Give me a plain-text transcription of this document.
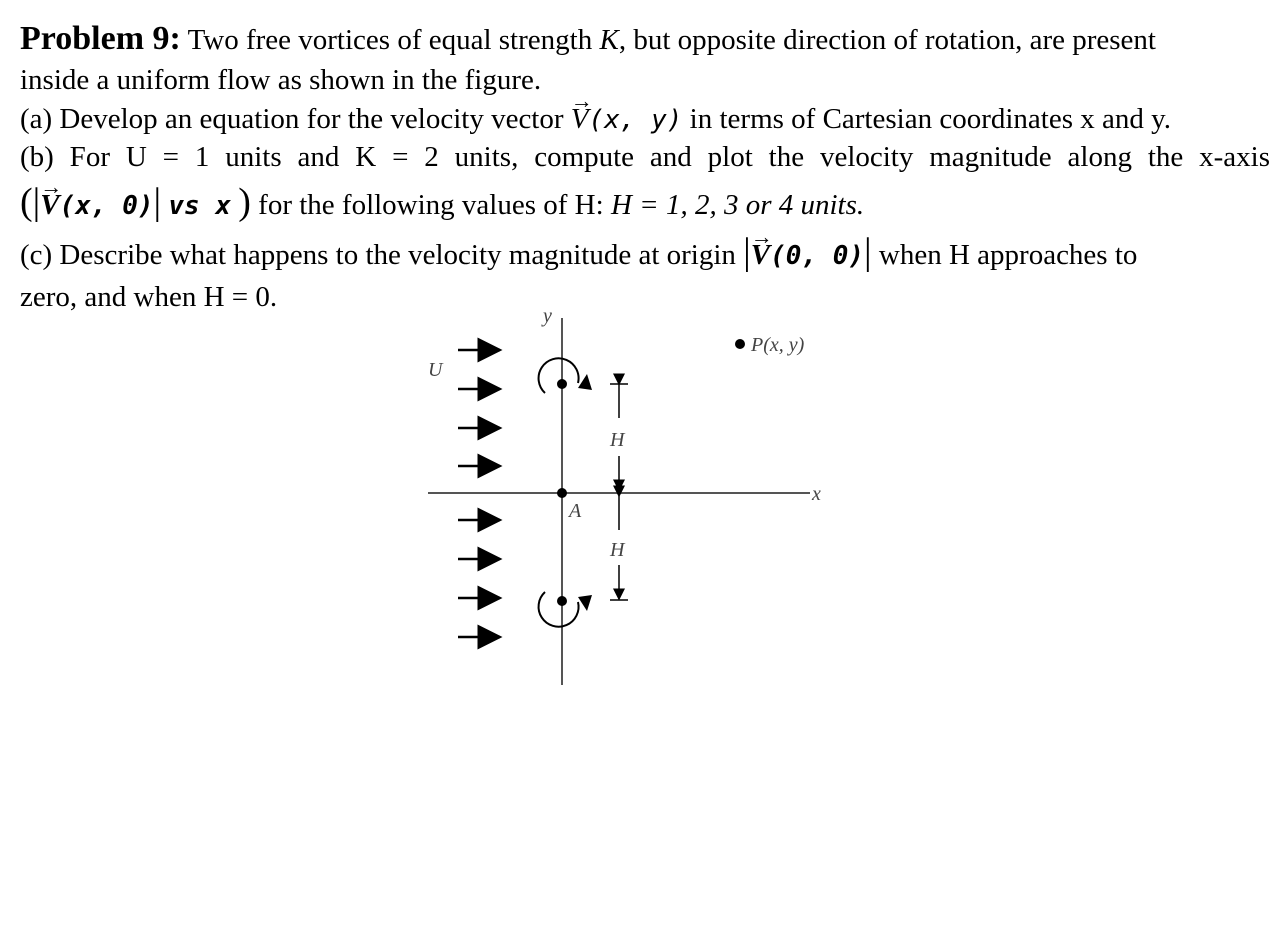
Problem 9: Two free vortices of equal strength K, but opposite direction of rotation, are present
inside a uniform flow as shown in the figure.
(a) Develop an equation for the velocity vector → V(x, y) in terms of Cartesian coordinates x and y.
(b) For U = 1 units and K = 2 units, compute and plot the velocity magnitude along the x-axis
(|→ V(x, 0)| vs x ) for the following values of H: H = 1, 2, 3 or 4 units.
(c) Describe what happens to the velocity magnitude at origin |→ V(0, 0)| when H approaches to
zero, and when H = 0.
y
x
U
A
H
H
P(x, y)
